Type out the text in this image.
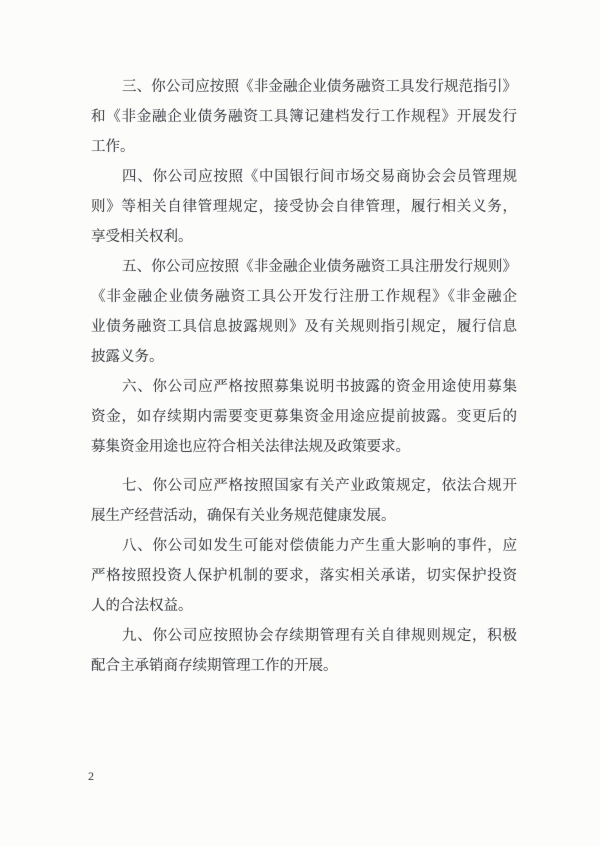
三、你公司应按照《非金融企业债务融资工具发行规范指引》
和《非金融企业债务融资工具簿记建档发行工作规程》开展发行
工作。
四、你公司应按照《中国银行间市场交易商协会会员管理规
则》等相关自律管理规定，接受协会自律管理，履行相关义务，
享受相关权利。
五、你公司应按照《非金融企业债务融资工具注册发行规则》
《非金融企业债务融资工具公开发行注册工作规程》《非金融企
业债务融资工具信息披露规则》及有关规则指引规定，履行信息
披露义务。
六、你公司应严格按照募集说明书披露的资金用途使用募集
资金，如存续期内需要变更募集资金用途应提前披露。变更后的
募集资金用途也应符合相关法律法规及政策要求。
七、你公司应严格按照国家有关产业政策规定，依法合规开
展生产经营活动，确保有关业务规范健康发展。
八、你公司如发生可能对偿债能力产生重大影响的事件，应
严格按照投资人保护机制的要求，落实相关承诺，切实保护投资
人的合法权益。
九、你公司应按照协会存续期管理有关自律规则规定，积极
配合主承销商存续期管理工作的开展。
2
